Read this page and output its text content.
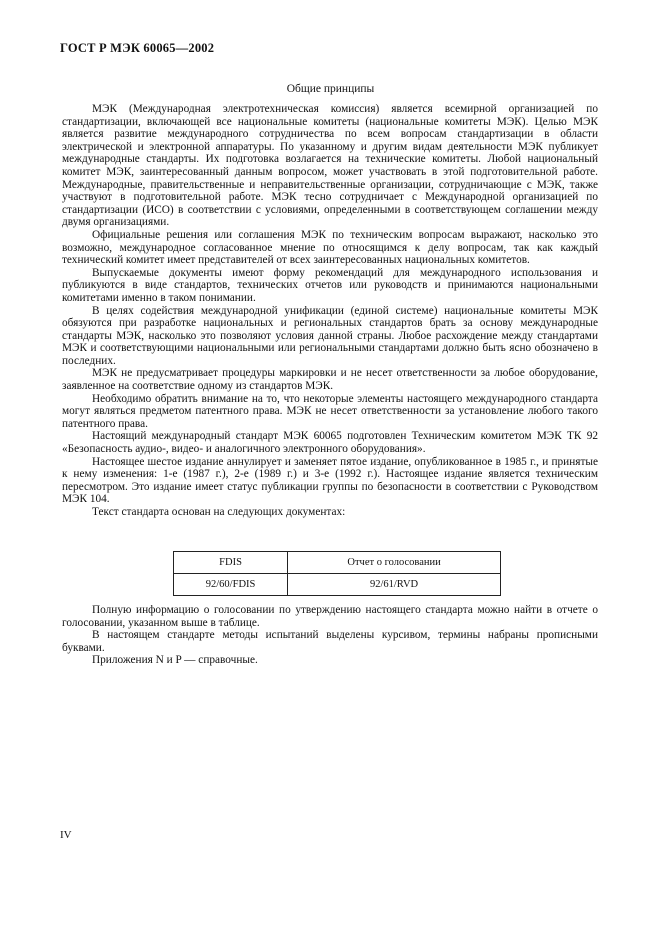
ГОСТ Р МЭК 60065—2002
Общие принципы

МЭК (Международная электротехническая комиссия) является всемирной организацией по стандартизации, включающей все национальные комитеты (национальные комитеты МЭК). Целью МЭК является развитие международного сотрудничества по всем вопросам стандартизации в области электрической и электронной аппаратуры. По указанному и другим видам деятельности МЭК публикует международные стандарты. Их подготовка возлагается на технические комитеты. Любой национальный комитет МЭК, заинтересованный данным вопросом, может участвовать в этой подготовительной работе. Международные, правительственные и неправительственные организации, сотрудничающие с МЭК, также участвуют в подготовительной работе. МЭК тесно сотрудничает с Международной организацией по стандартизации (ИСО) в соответствии с условиями, определенными в соответствующем соглашении между двумя организациями.

Официальные решения или соглашения МЭК по техническим вопросам выражают, насколько это возможно, международное согласованное мнение по относящимся к делу вопросам, так как каждый технический комитет имеет представителей от всех заинтересованных национальных комитетов.

Выпускаемые документы имеют форму рекомендаций для международного использования и публикуются в виде стандартов, технических отчетов или руководств и принимаются национальными комитетами именно в таком понимании.

В целях содействия международной унификации (единой системе) национальные комитеты МЭК обязуются при разработке национальных и региональных стандартов брать за основу международные стандарты МЭК, насколько это позволяют условия данной страны. Любое расхождение между стандартами МЭК и соответствующими национальными или региональными стандартами должно быть ясно обозначено в последних.

МЭК не предусматривает процедуры маркировки и не несет ответственности за любое оборудование, заявленное на соответствие одному из стандартов МЭК.

Необходимо обратить внимание на то, что некоторые элементы настоящего международного стандарта могут являться предметом патентного права. МЭК не несет ответственности за установление любого такого патентного права.

Настоящий международный стандарт МЭК 60065 подготовлен Техническим комитетом МЭК ТК 92 «Безопасность аудио-, видео- и аналогичного электронного оборудования».

Настоящее шестое издание аннулирует и заменяет пятое издание, опубликованное в 1985 г., и принятые к нему изменения: 1-е (1987 г.), 2-е (1989 г.) и 3-е (1992 г.). Настоящее издание является техническим пересмотром. Это издание имеет статус публикации группы по безопасности в соответствии с Руководством МЭК 104.

Текст стандарта основан на следующих документах:

FDIS	Отчет о голосовании
92/60/FDIS	92/61/RVD

Полную информацию о голосовании по утверждению настоящего стандарта можно найти в отчете о голосовании, указанном выше в таблице.

В настоящем стандарте методы испытаний выделены курсивом, термины набраны прописными буквами.

Приложения N и P — справочные.

IV
